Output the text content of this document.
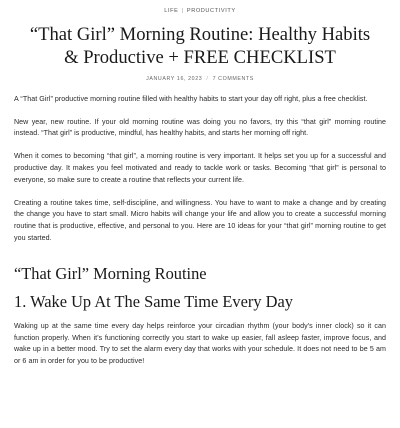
LIFE | PRODUCTIVITY
“That Girl” Morning Routine: Healthy Habits & Productive + FREE CHECKLIST
JANUARY 16, 2023 / 7 COMMENTS

A “That Girl” productive morning routine filled with healthy habits to start your day off right, plus a free checklist.

New year, new routine. If your old morning routine was doing you no favors, try this “that girl” morning routine instead. “That girl” is productive, mindful, has healthy habits, and starts her morning off right.

When it comes to becoming “that girl”, a morning routine is very important. It helps set you up for a successful and productive day. It makes you feel motivated and ready to tackle work or tasks. Becoming “that girl” is personal to everyone, so make sure to create a routine that reflects your current life.

Creating a routine takes time, self-discipline, and willingness. You have to want to make a change and by creating the change you have to start small. Micro habits will change your life and allow you to create a successful morning routine that is productive, effective, and personal to you. Here are 10 ideas for your “that girl” morning routine to get you started.

“That Girl” Morning Routine
1. Wake Up At The Same Time Every Day

Waking up at the same time every day helps reinforce your circadian rhythm (your body’s inner clock) so it can function properly. When it’s functioning correctly you start to wake up easier, fall asleep faster, improve focus, and wake up in a better mood. Try to set the alarm every day that works with your schedule. It does not need to be 5 am or 6 am in order for you to be productive!
